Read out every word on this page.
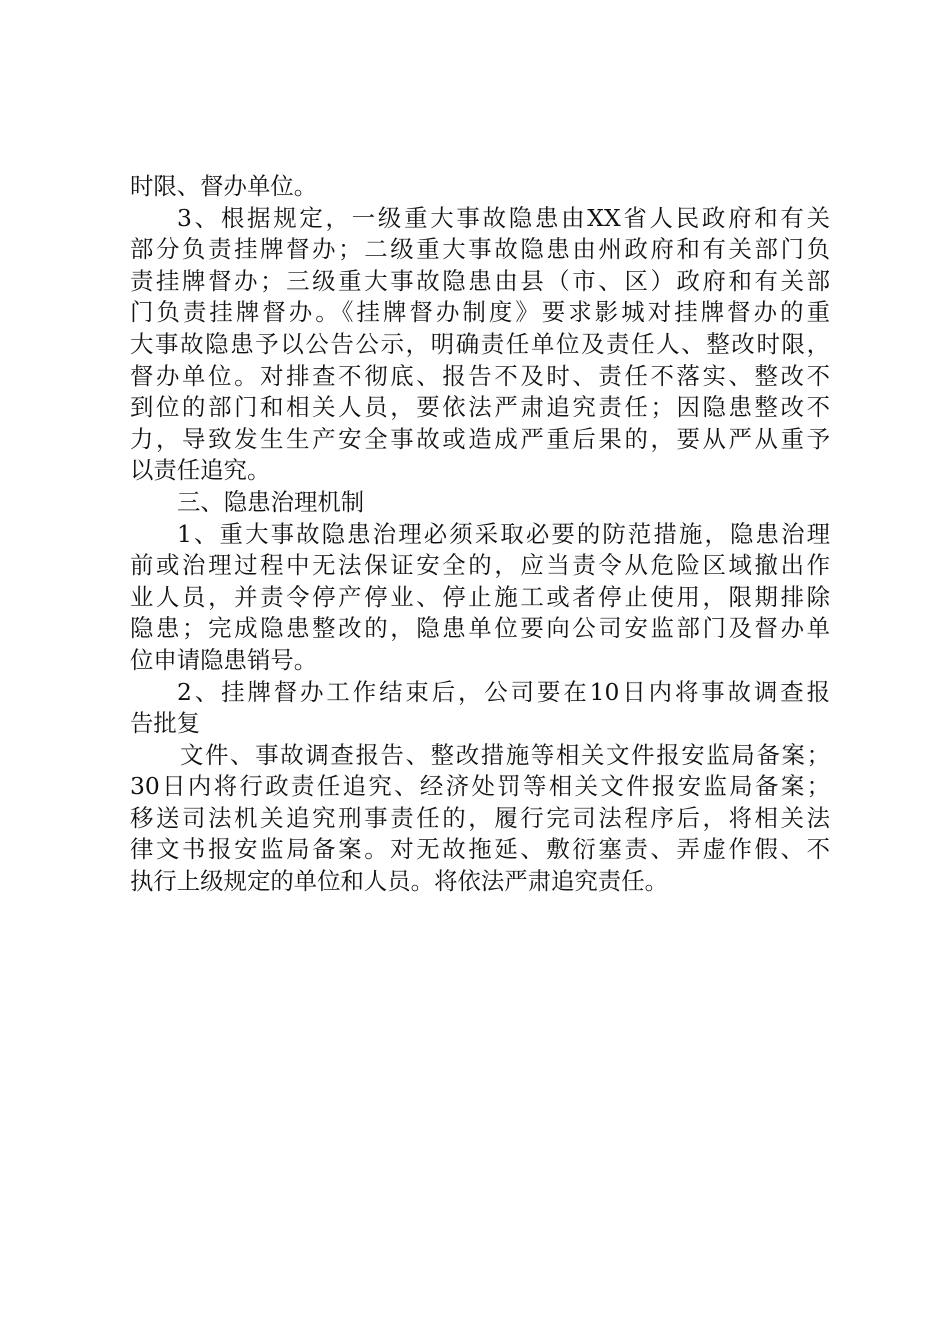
时限、督办单位。
3、根据规定，一级重大事故隐患由XX省人民政府和有关
部分负责挂牌督办；二级重大事故隐患由州政府和有关部门负
责挂牌督办；三级重大事故隐患由县（市、区）政府和有关部
门负责挂牌督办。《挂牌督办制度》要求影城对挂牌督办的重
大事故隐患予以公告公示，明确责任单位及责任人、整改时限，
督办单位。对排查不彻底、报告不及时、责任不落实、整改不
到位的部门和相关人员，要依法严肃追究责任；因隐患整改不
力，导致发生生产安全事故或造成严重后果的，要从严从重予
以责任追究。
三、隐患治理机制
1、重大事故隐患治理必须采取必要的防范措施，隐患治理
前或治理过程中无法保证安全的，应当责令从危险区域撤出作
业人员，并责令停产停业、停止施工或者停止使用，限期排除
隐患；完成隐患整改的，隐患单位要向公司安监部门及督办单
位申请隐患销号。
2、挂牌督办工作结束后，公司要在10日内将事故调查报
告批复
文件、事故调查报告、整改措施等相关文件报安监局备案；
30日内将行政责任追究、经济处罚等相关文件报安监局备案；
移送司法机关追究刑事责任的，履行完司法程序后，将相关法
律文书报安监局备案。对无故拖延、敷衍塞责、弄虚作假、不
执行上级规定的单位和人员。将依法严肃追究责任。
